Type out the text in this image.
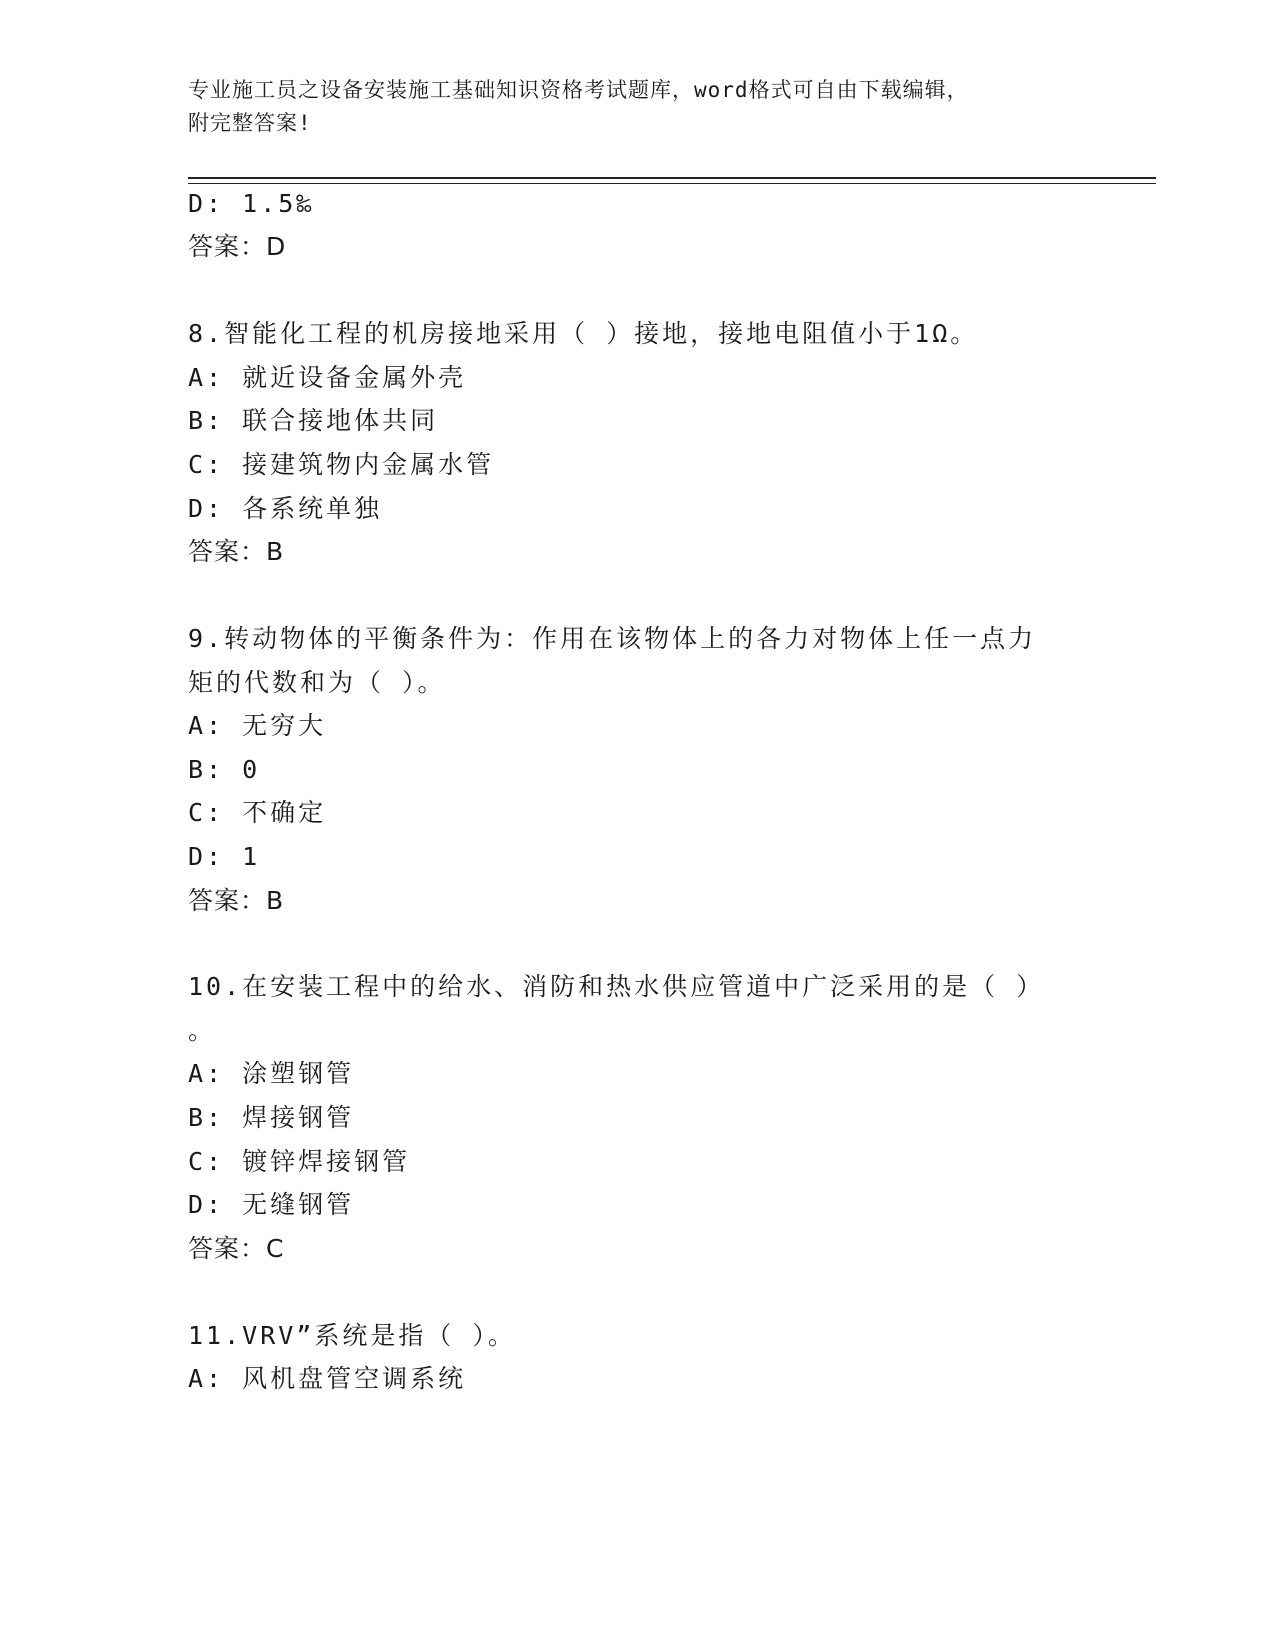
专业施工员之设备安装施工基础知识资格考试题库，word格式可自由下载编辑，
附完整答案!
D: 1.5‰
答案：D
8.智能化工程的机房接地采用（ ）接地，接地电阻值小于1Ω。
A: 就近设备金属外壳
B: 联合接地体共同
C: 接建筑物内金属水管
D: 各系统单独
答案：B
9.转动物体的平衡条件为：作用在该物体上的各力对物体上任一点力
矩的代数和为（ ）。
A: 无穷大
B: 0
C: 不确定
D: 1
答案：B
10.在安装工程中的给水、消防和热水供应管道中广泛采用的是（ ）
。
A: 涂塑钢管
B: 焊接钢管
C: 镀锌焊接钢管
D: 无缝钢管
答案：C
11.VRV”系统是指（ ）。
A: 风机盘管空调系统
